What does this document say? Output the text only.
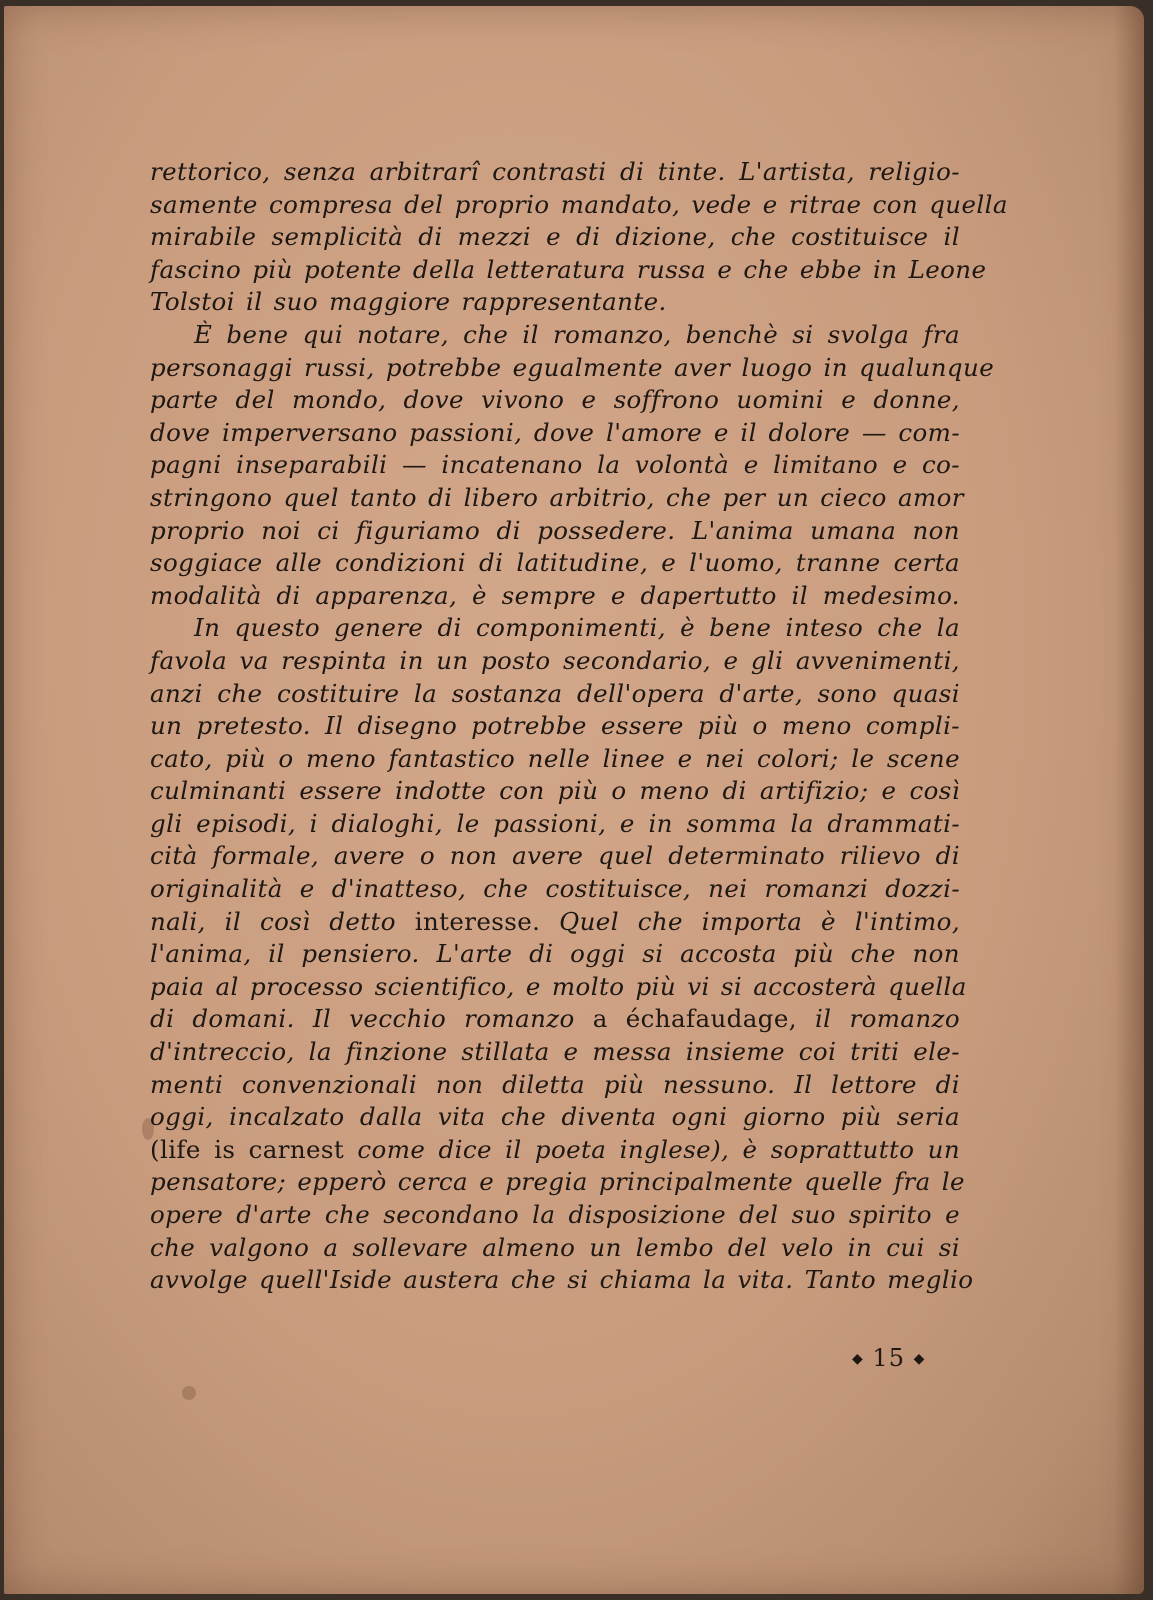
rettorico, senza arbitrarî contrasti di tinte. L'artista, religio-
samente compresa del proprio mandato, vede e ritrae con quella
mirabile semplicità di mezzi e di dizione, che costituisce il
fascino più potente della letteratura russa e che ebbe in Leone
Tolstoi il suo maggiore rappresentante.
È bene qui notare, che il romanzo, benchè si svolga fra
personaggi russi, potrebbe egualmente aver luogo in qualunque
parte del mondo, dove vivono e soffrono uomini e donne,
dove imperversano passioni, dove l'amore e il dolore — com-
pagni inseparabili — incatenano la volontà e limitano e co-
stringono quel tanto di libero arbitrio, che per un cieco amor
proprio noi ci figuriamo di possedere. L'anima umana non
soggiace alle condizioni di latitudine, e l'uomo, tranne certa
modalità di apparenza, è sempre e dapertutto il medesimo.
In questo genere di componimenti, è bene inteso che la
favola va respinta in un posto secondario, e gli avvenimenti,
anzi che costituire la sostanza dell'opera d'arte, sono quasi
un pretesto. Il disegno potrebbe essere più o meno compli-
cato, più o meno fantastico nelle linee e nei colori; le scene
culminanti essere indotte con più o meno di artifizio; e così
gli episodi, i dialoghi, le passioni, e in somma la drammati-
cità formale, avere o non avere quel determinato rilievo di
originalità e d'inatteso, che costituisce, nei romanzi dozzi-
nali, il così detto interesse. Quel che importa è l'intimo,
l'anima, il pensiero. L'arte di oggi si accosta più che non
paia al processo scientifico, e molto più vi si accosterà quella
di domani. Il vecchio romanzo a échafaudage, il romanzo
d'intreccio, la finzione stillata e messa insieme coi triti ele-
menti convenzionali non diletta più nessuno. Il lettore di
oggi, incalzato dalla vita che diventa ogni giorno più seria
(life is carnest come dice il poeta inglese), è soprattutto un
pensatore; epperò cerca e pregia principalmente quelle fra le
opere d'arte che secondano la disposizione del suo spirito e
che valgono a sollevare almeno un lembo del velo in cui si
avvolge quell'Iside austera che si chiama la vita. Tanto meglio
◆ 15 ◆
